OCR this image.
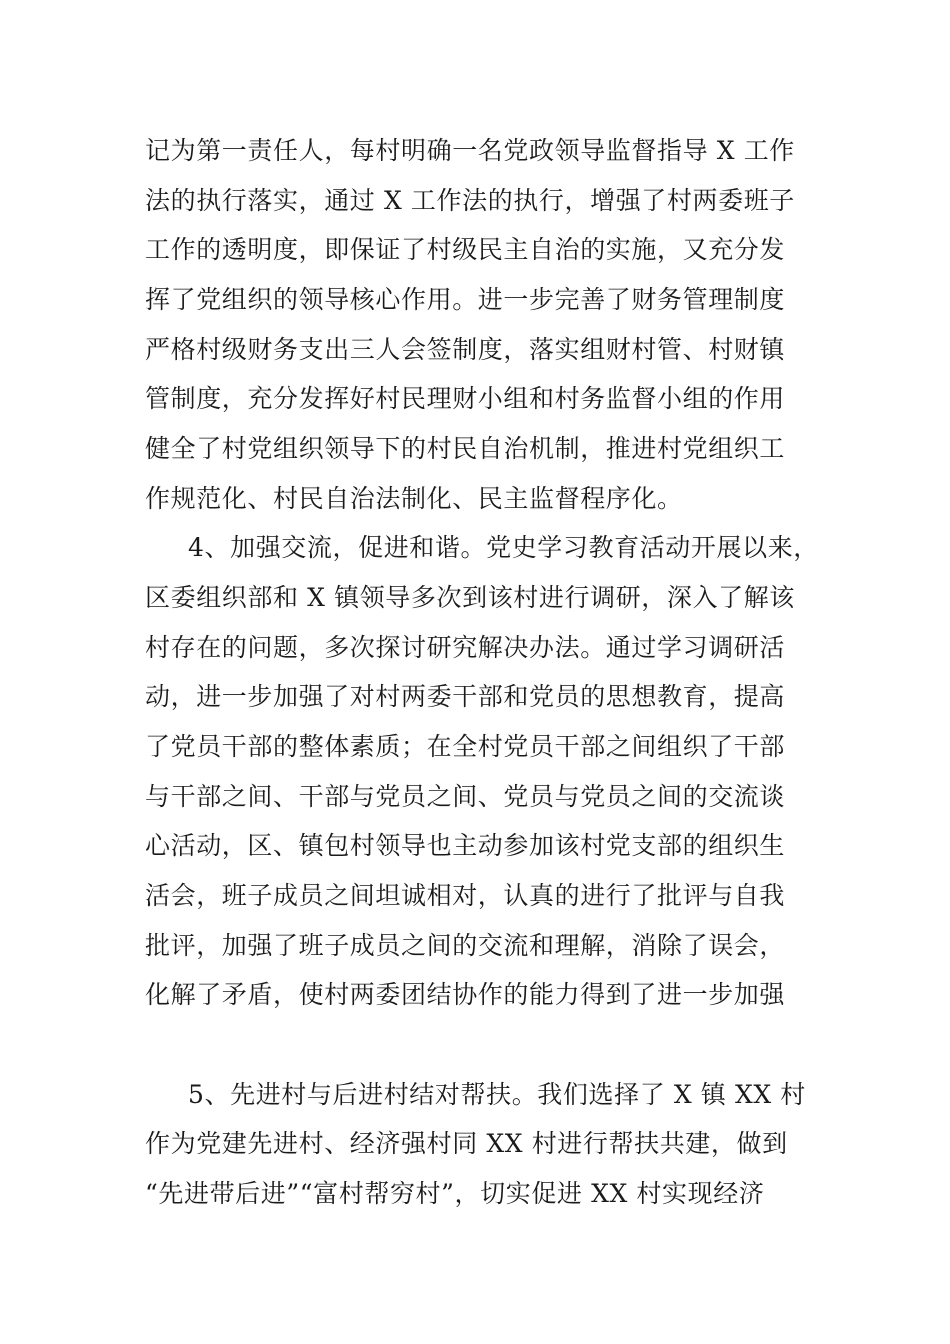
记为第一责任人，每村明确一名党政领导监督指导 X 工作
法的执行落实，通过 X 工作法的执行，增强了村两委班子
工作的透明度，即保证了村级民主自治的实施，又充分发
挥了党组织的领导核心作用。进一步完善了财务管理制度
严格村级财务支出三人会签制度，落实组财村管、村财镇
管制度，充分发挥好村民理财小组和村务监督小组的作用
健全了村党组织领导下的村民自治机制，推进村党组织工
作规范化、村民自治法制化、民主监督程序化。
4、加强交流，促进和谐。党史学习教育活动开展以来，
区委组织部和 X 镇领导多次到该村进行调研，深入了解该
村存在的问题，多次探讨研究解决办法。通过学习调研活
动，进一步加强了对村两委干部和党员的思想教育，提高
了党员干部的整体素质；在全村党员干部之间组织了干部
与干部之间、干部与党员之间、党员与党员之间的交流谈
心活动，区、镇包村领导也主动参加该村党支部的组织生
活会，班子成员之间坦诚相对，认真的进行了批评与自我
批评，加强了班子成员之间的交流和理解，消除了误会，
化解了矛盾，使村两委团结协作的能力得到了进一步加强
5、先进村与后进村结对帮扶。我们选择了 X 镇 XX 村
作为党建先进村、经济强村同 XX 村进行帮扶共建，做到
“先进带后进”“富村帮穷村”，切实促进 XX 村实现经济
